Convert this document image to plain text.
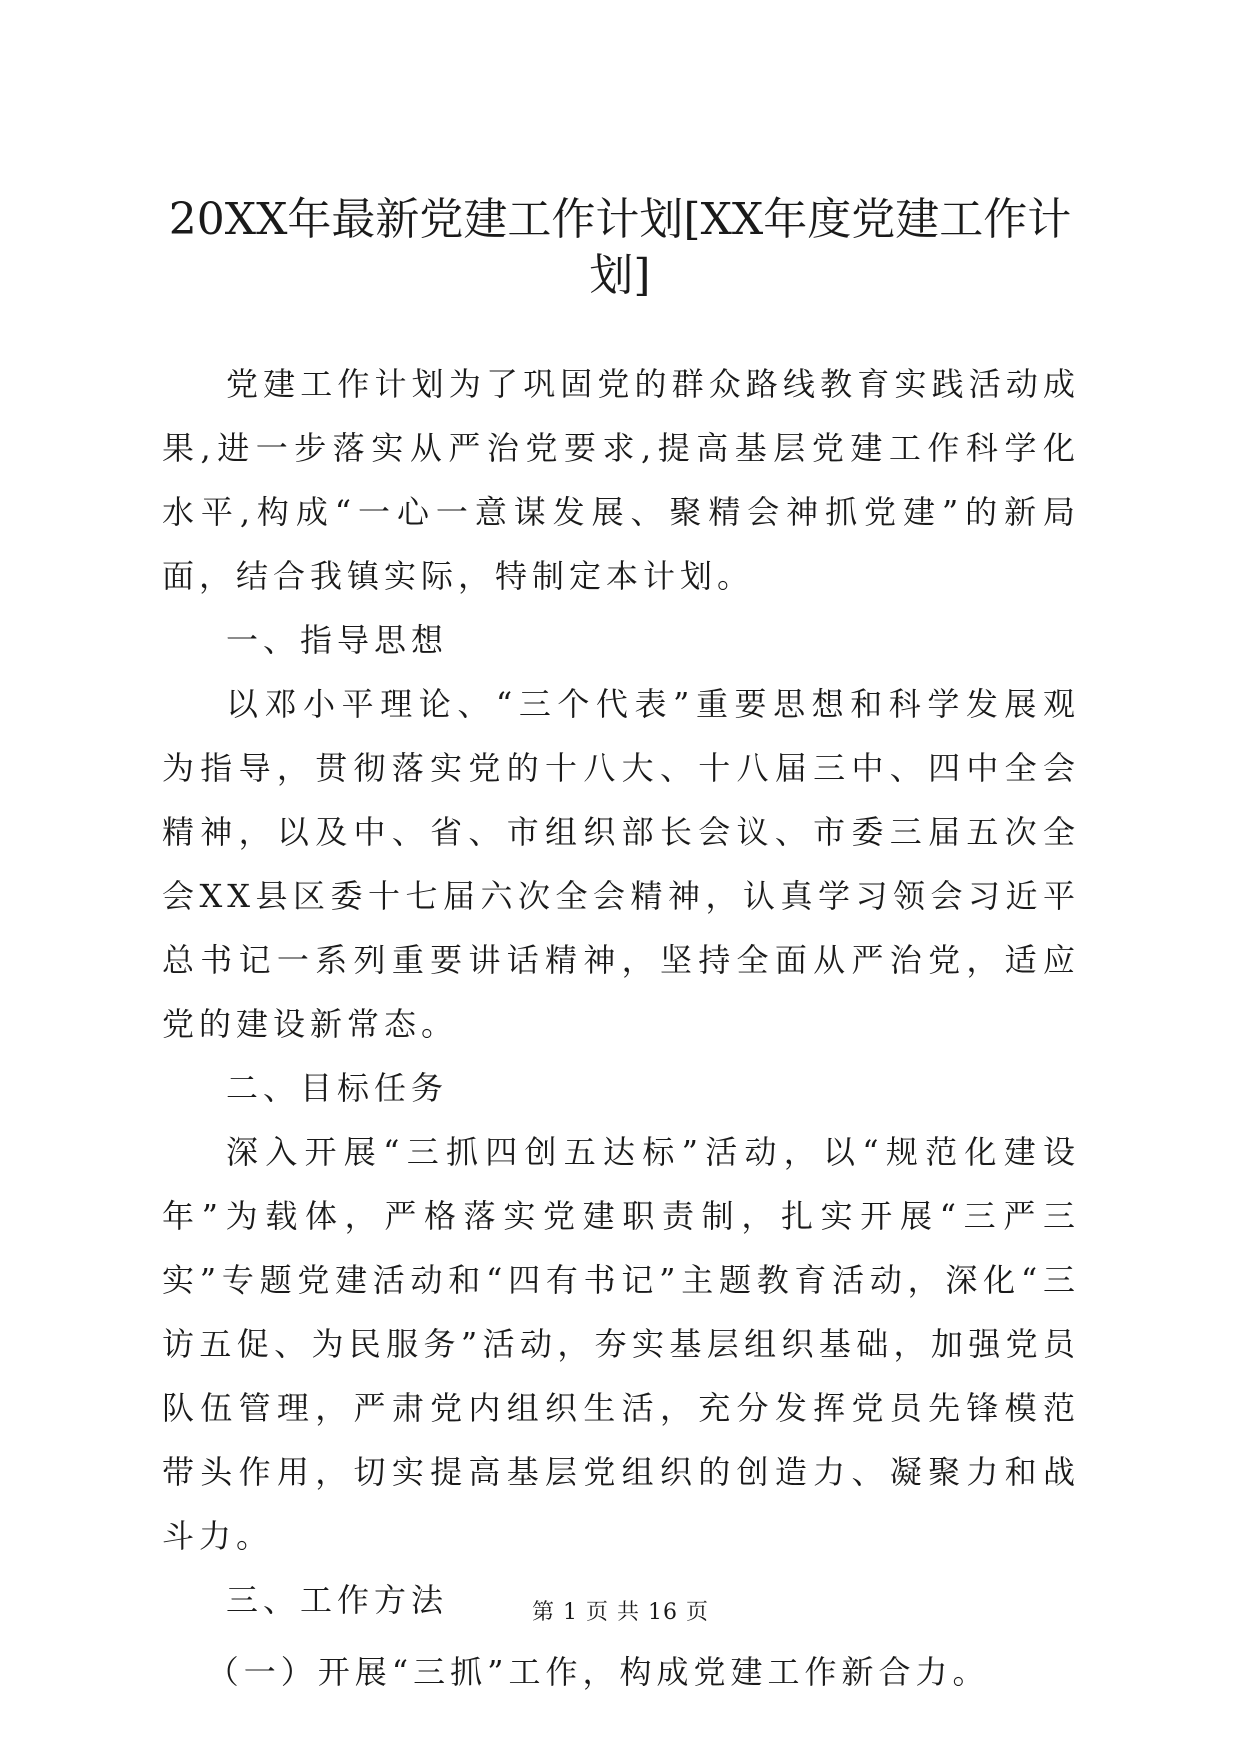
20XX年最新党建工作计划[XX年度党建工作计划]

党建工作计划为了巩固党的群众路线教育实践活动成果,进一步落实从严治党要求,提高基层党建工作科学化水平,构成“一心一意谋发展、聚精会神抓党建”的新局面，结合我镇实际，特制定本计划。

一、指导思想

以邓小平理论、“三个代表”重要思想和科学发展观为指导，贯彻落实党的十八大、十八届三中、四中全会精神，以及中、省、市组织部长会议、市委三届五次全会XX县区委十七届六次全会精神，认真学习领会习近平总书记一系列重要讲话精神，坚持全面从严治党，适应党的建设新常态。

二、目标任务

深入开展“三抓四创五达标”活动，以“规范化建设年”为载体，严格落实党建职责制，扎实开展“三严三实”专题党建活动和“四有书记”主题教育活动，深化“三访五促、为民服务”活动，夯实基层组织基础，加强党员队伍管理，严肃党内组织生活，充分发挥党员先锋模范带头作用，切实提高基层党组织的创造力、凝聚力和战斗力。

三、工作方法

（一）开展“三抓”工作，构成党建工作新合力。

第 1 页 共 16 页
